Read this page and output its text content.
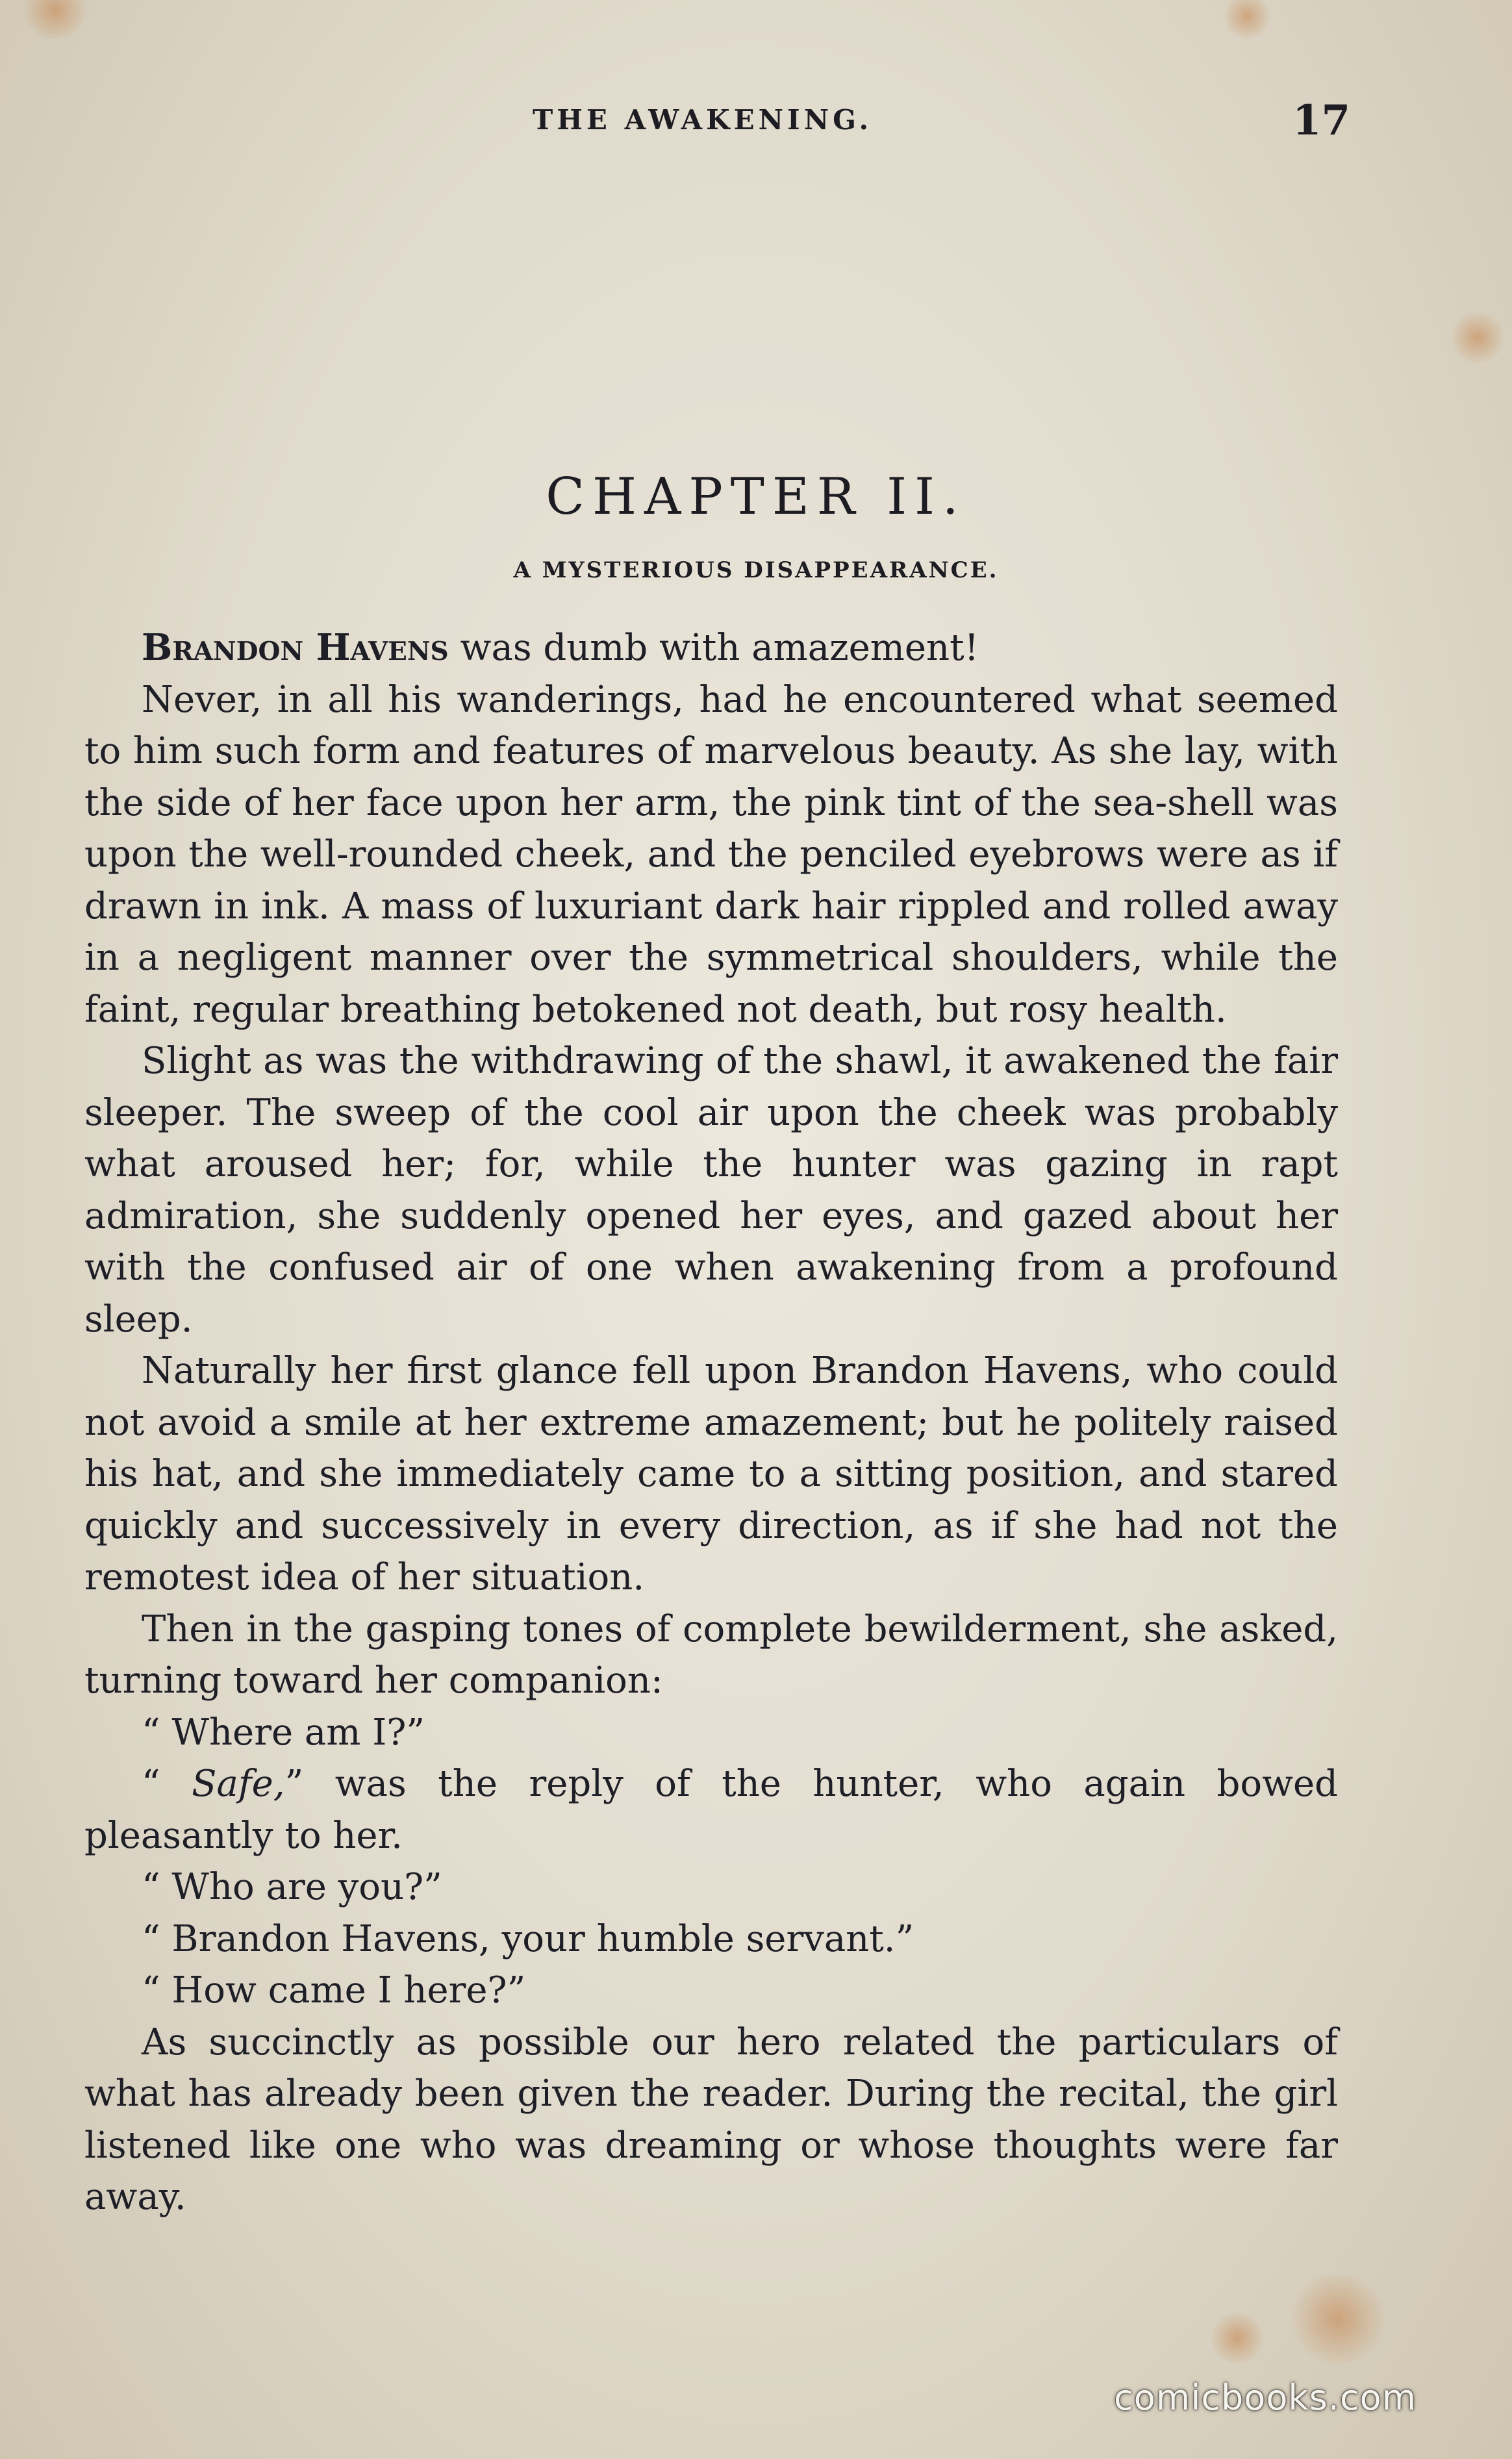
THE AWAKENING.	17
CHAPTER II.
A MYSTERIOUS DISAPPEARANCE.

Brandon Havens was dumb with amazement!

Never, in all his wanderings, had he encountered what seemed to him such form and features of marvelous beauty. As she lay, with the side of her face upon her arm, the pink tint of the sea-shell was upon the well-rounded cheek, and the penciled eyebrows were as if drawn in ink. A mass of luxuriant dark hair rippled and rolled away in a negligent manner over the symmetrical shoulders, while the faint, regular breathing betokened not death, but rosy health.

Slight as was the withdrawing of the shawl, it awakened the fair sleeper. The sweep of the cool air upon the cheek was probably what aroused her; for, while the hunter was gazing in rapt admiration, she suddenly opened her eyes, and gazed about her with the confused air of one when awakening from a profound sleep.

Naturally her first glance fell upon Brandon Havens, who could not avoid a smile at her extreme amazement; but he politely raised his hat, and she immediately came to a sitting position, and stared quickly and successively in every direction, as if she had not the remotest idea of her situation.

Then in the gasping tones of complete bewilderment, she asked, turning toward her companion:

“ Where am I?”

“ Safe,” was the reply of the hunter, who again bowed pleasantly to her.

“ Who are you?”

“ Brandon Havens, your humble servant.”

“ How came I here?”

As succinctly as possible our hero related the particulars of what has already been given the reader. During the recital, the girl listened like one who was dreaming or whose thoughts were far away.

comicbooks.com
